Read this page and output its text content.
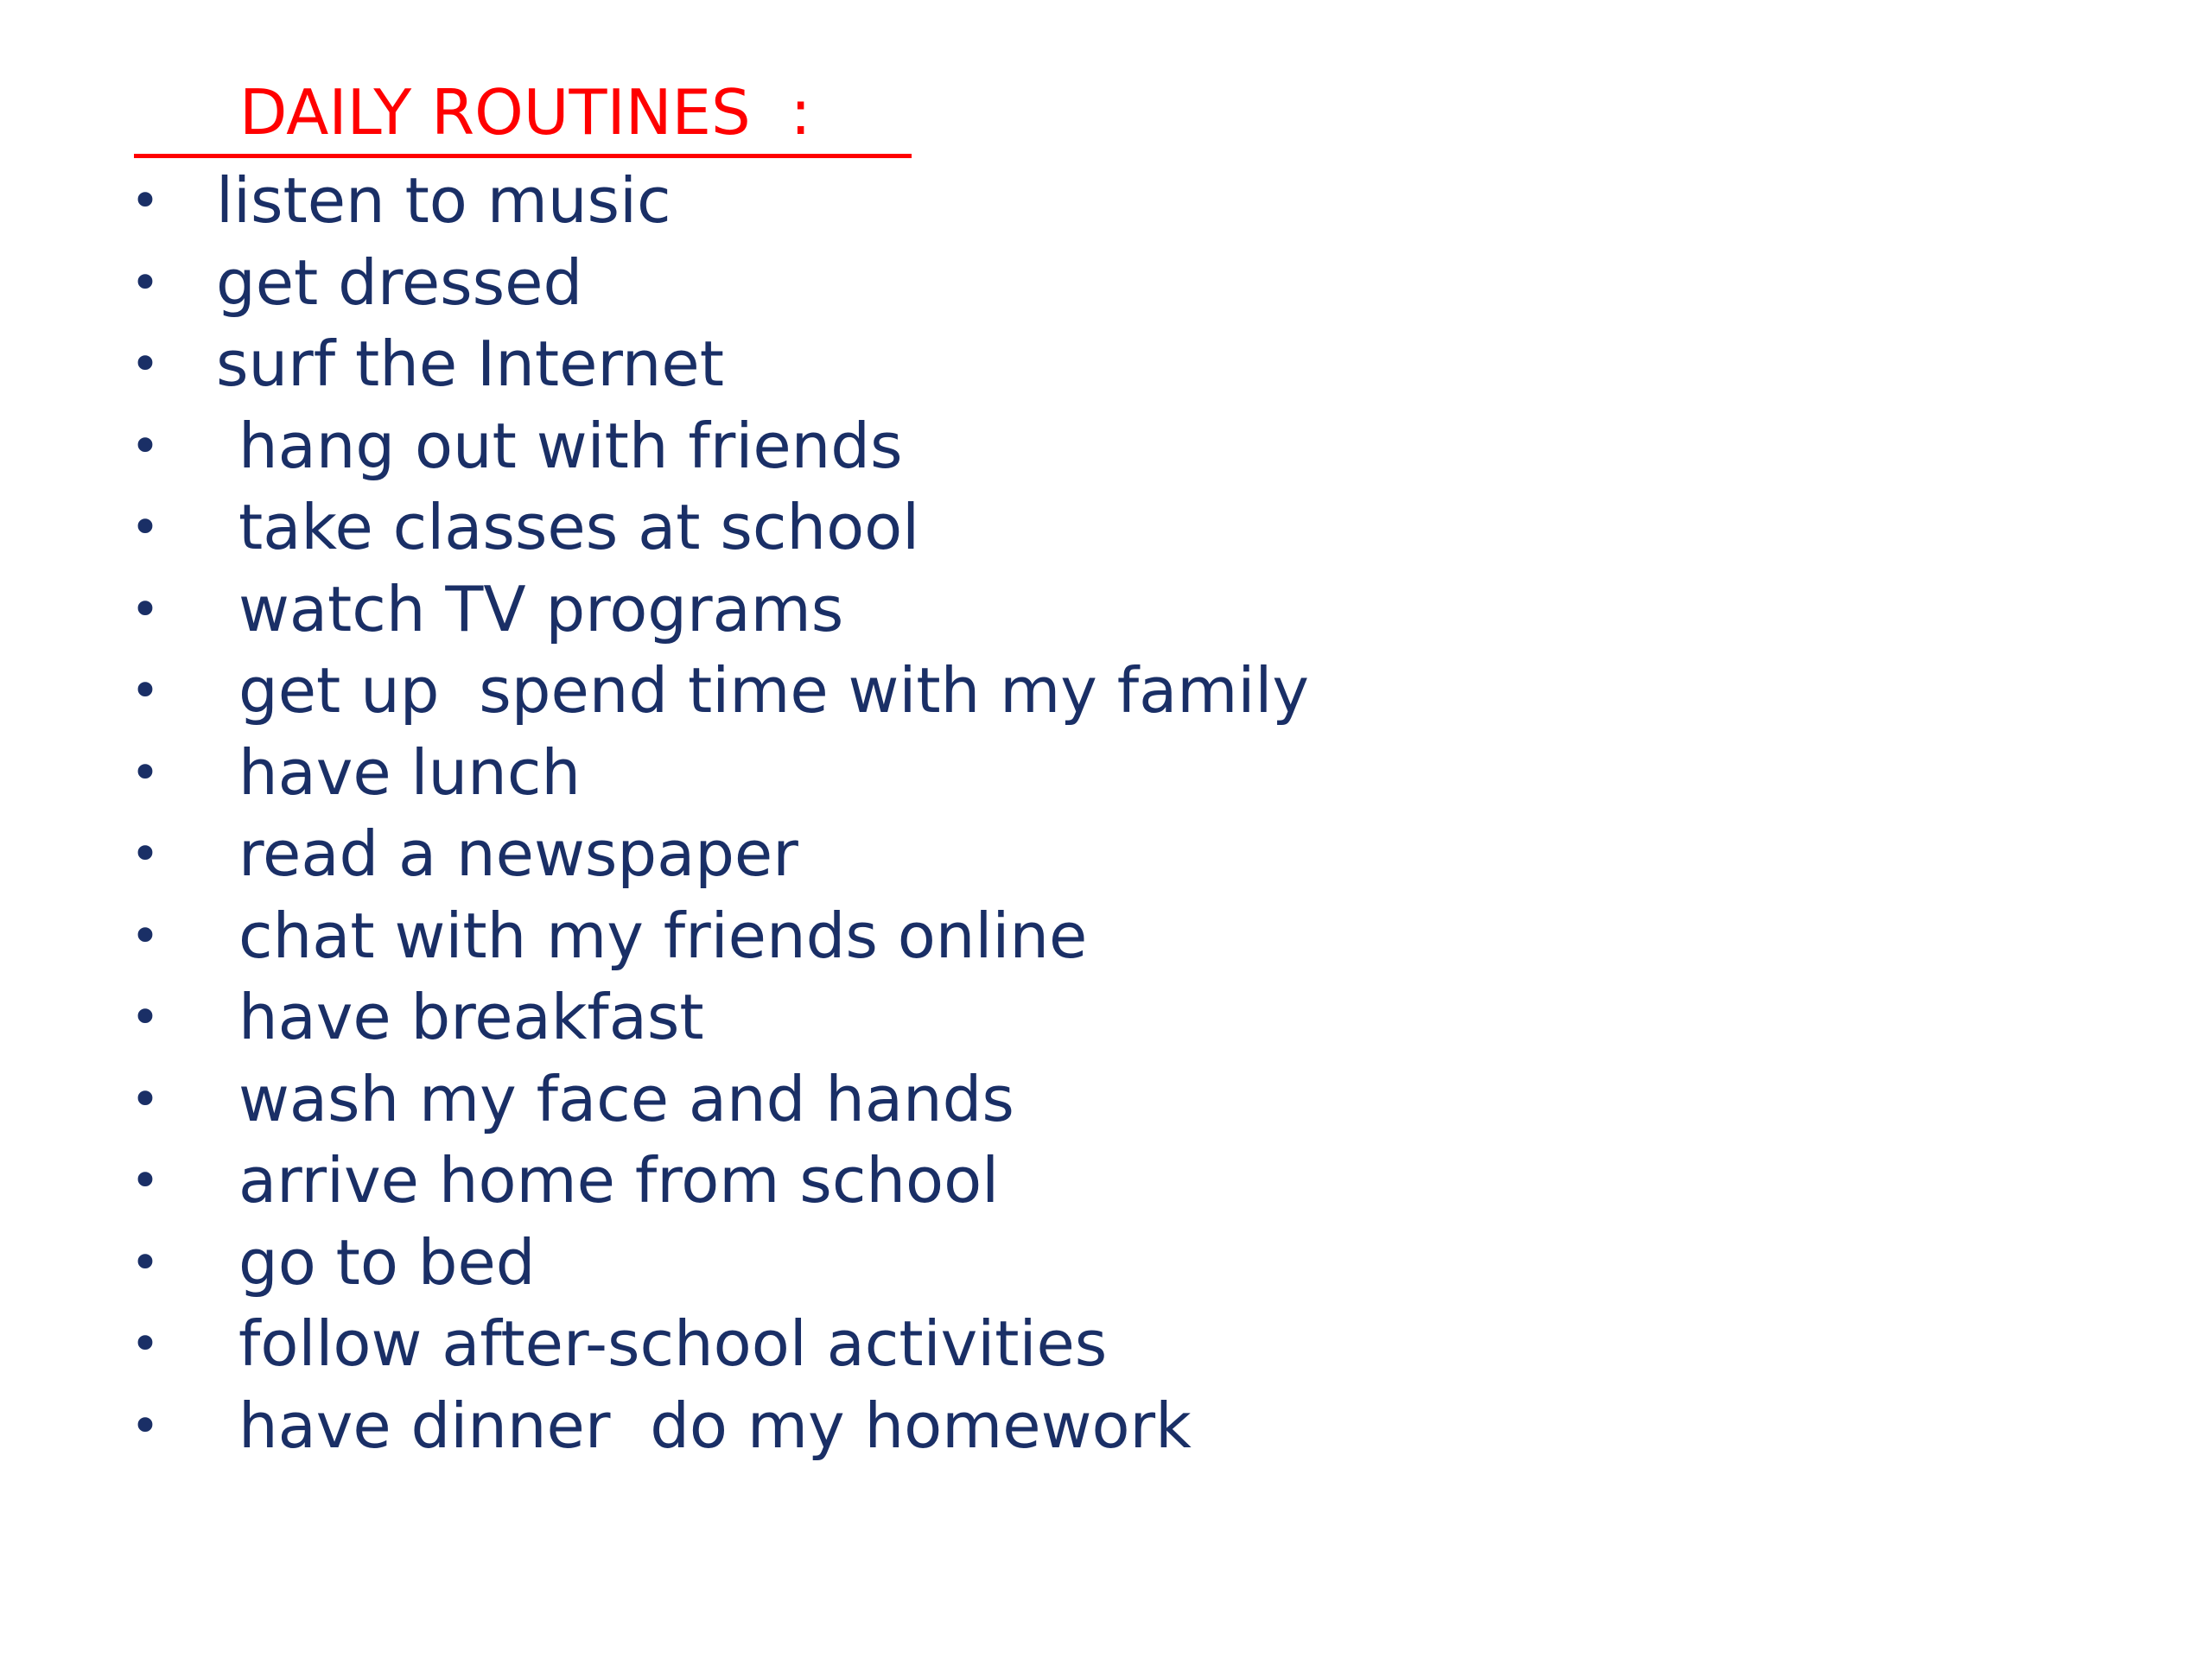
DAILY ROUTINES  :
• listen to music
• get dressed
• surf the Internet
• hang out with friends
• take classes at school
• watch TV programs
• get up  spend time with my family
• have lunch
• read a newspaper
• chat with my friends online
• have breakfast
• wash my face and hands
• arrive home from school
• go to bed
• follow after-school activities
• have dinner  do my homework
